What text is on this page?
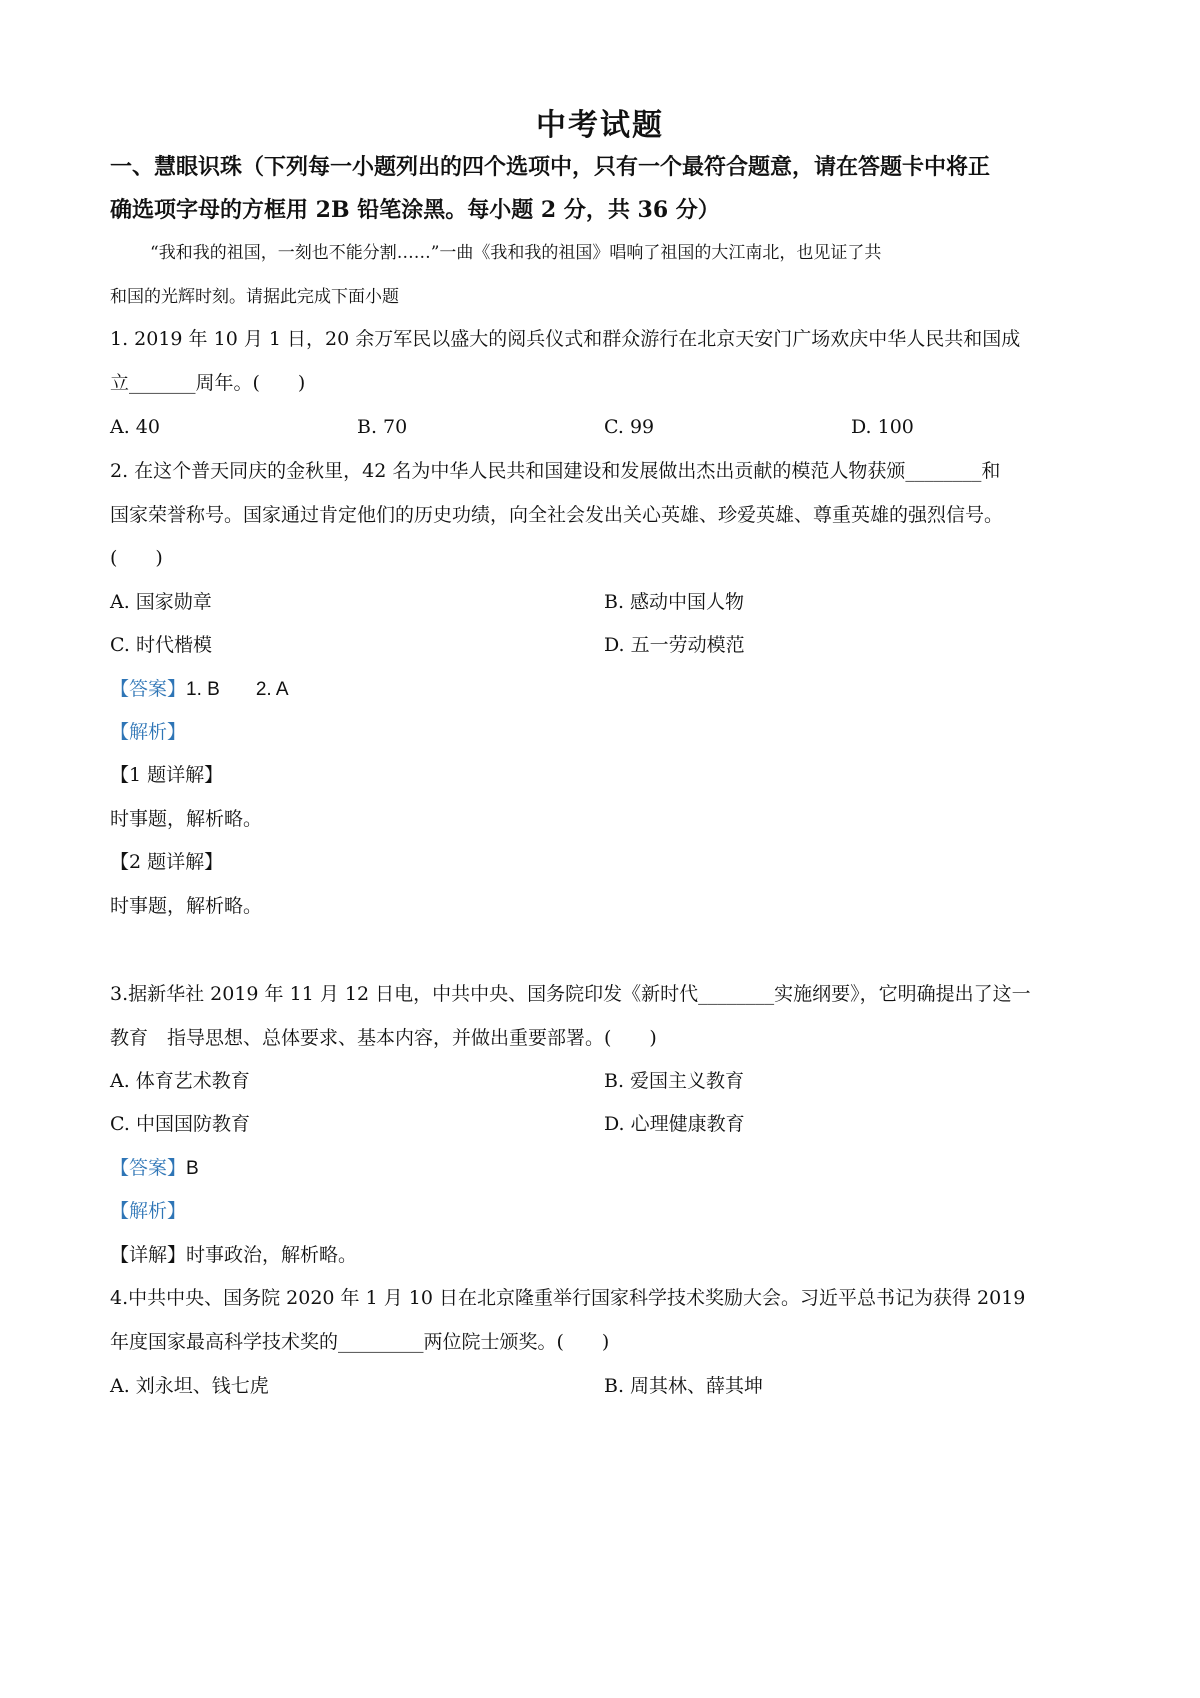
中考试题
一、慧眼识珠（下列每一小题列出的四个选项中，只有一个最符合题意，请在答题卡中将正
确选项字母的方框用 2B 铅笔涂黑。每小题 2 分，共 36 分）
“我和我的祖国，一刻也不能分割……”一曲《我和我的祖国》唱响了祖国的大江南北，也见证了共
和国的光辉时刻。请据此完成下面小题
1. 2019 年 10 月 1 日，20 余万军民以盛大的阅兵仪式和群众游行在北京天安门广场欢庆中华人民共和国成
立_______周年。(　　)
A. 40	B. 70	C. 99	D. 100
2. 在这个普天同庆的金秋里，42 名为中华人民共和国建设和发展做出杰出贡献的模范人物获颁________和
国家荣誉称号。国家通过肯定他们的历史功绩，向全社会发出关心英雄、珍爱英雄、尊重英雄的强烈信号。
(　　)
A. 国家勋章	B. 感动中国人物
C. 时代楷模	D. 五一劳动模范
【答案】1. B 2. A
【解析】
【1 题详解】
时事题，解析略。
【2 题详解】
时事题，解析略。
3.据新华社 2019 年 11 月 12 日电，中共中央、国务院印发《新时代________实施纲要》，它明确提出了这一
教育　指导思想、总体要求、基本内容，并做出重要部署。(　　)
A. 体育艺术教育	B. 爱国主义教育
C. 中国国防教育	D. 心理健康教育
【答案】B
【解析】
【详解】时事政治，解析略。
4.中共中央、国务院 2020 年 1 月 10 日在北京隆重举行国家科学技术奖励大会。习近平总书记为获得 2019
年度国家最高科学技术奖的_________两位院士颁奖。(　　)
A. 刘永坦、钱七虎	B. 周其林、薛其坤
